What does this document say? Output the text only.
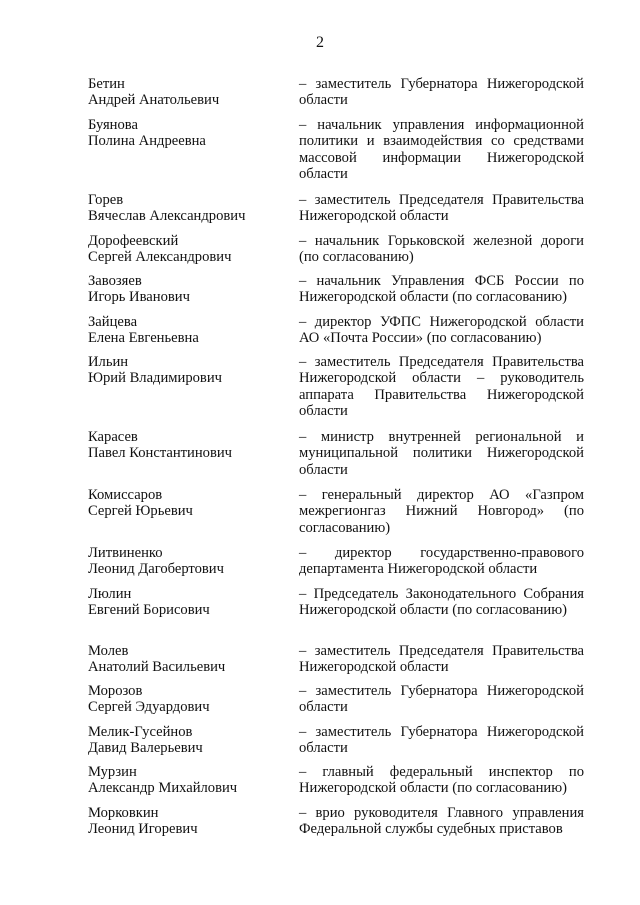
2
Бетин
Андрей Анатольевич
– заместитель Губернатора Нижегородской области
Буянова
Полина Андреевна
– начальник управления информационной политики и взаимодействия со средствами массовой информации Нижегородской области
Горев
Вячеслав Александрович
– заместитель Председателя Правительства Нижегородской области
Дорофеевский
Сергей Александрович
– начальник Горьковской железной дороги (по согласованию)
Завозяев
Игорь Иванович
– начальник Управления ФСБ России по Нижегородской области (по согласованию)
Зайцева
Елена Евгеньевна
– директор УФПС Нижегородской области АО «Почта России» (по согласованию)
Ильин
Юрий Владимирович
– заместитель Председателя Правительства Нижегородской области – руководитель аппарата Правительства Нижегородской области
Карасев
Павел Константинович
– министр внутренней региональной и муниципальной политики Нижегородской области
Комиссаров
Сергей Юрьевич
– генеральный директор АО «Газпром межрегионгаз Нижний Новгород» (по согласованию)
Литвиненко
Леонид Дагобертович
– директор государственно-правового департамента Нижегородской области
Люлин
Евгений Борисович
– Председатель Законодательного Собрания Нижегородской области (по согласованию)
Молев
Анатолий Васильевич
– заместитель Председателя Правительства Нижегородской области
Морозов
Сергей Эдуардович
– заместитель Губернатора Нижегородской области
Мелик-Гусейнов
Давид Валерьевич
– заместитель Губернатора Нижегородской области
Мурзин
Александр Михайлович
– главный федеральный инспектор по Нижегородской области (по согласованию)
Морковкин
Леонид Игоревич
– врио руководителя Главного управления Федеральной службы судебных приставов
